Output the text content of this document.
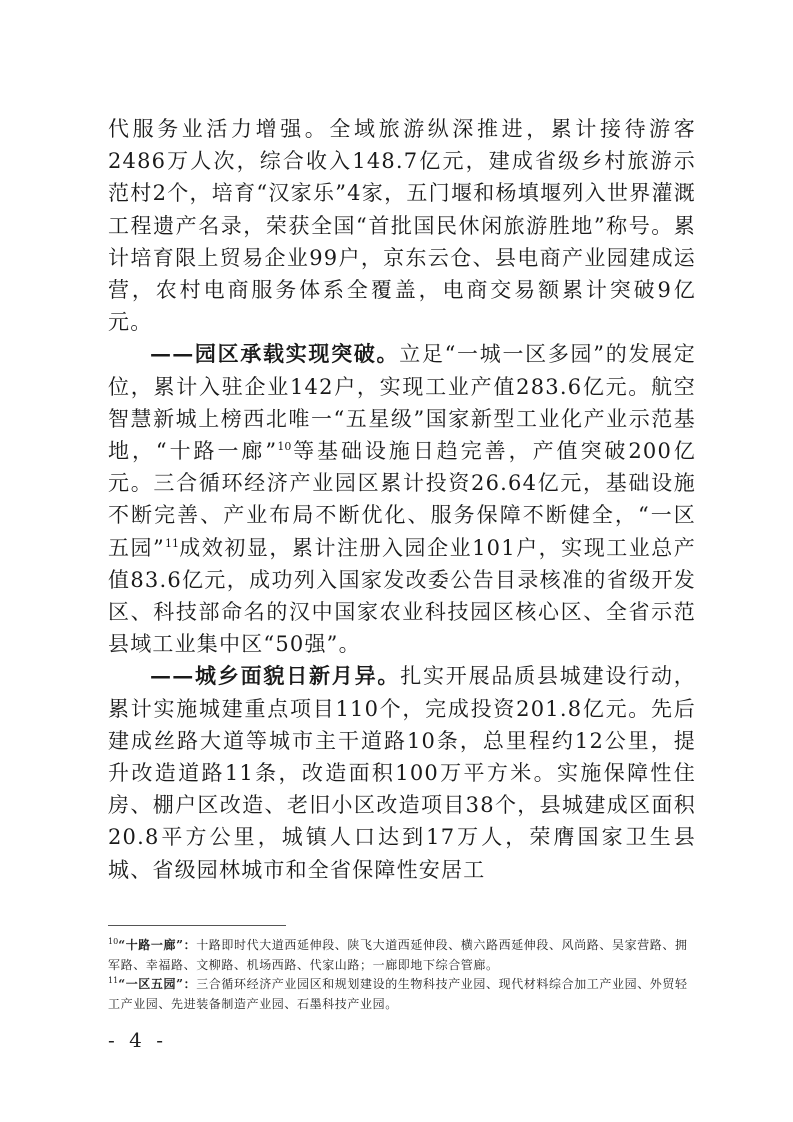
代服务业活力增强。全域旅游纵深推进，累计接待游客2486万人次，综合收入148.7亿元，建成省级乡村旅游示范村2个，培育“汉家乐”4家，五门堰和杨填堰列入世界灌溉工程遗产名录，荣获全国“首批国民休闲旅游胜地”称号。累计培育限上贸易企业99户，京东云仓、县电商产业园建成运营，农村电商服务体系全覆盖，电商交易额累计突破9亿元。

——园区承载实现突破。立足“一城一区多园”的发展定位，累计入驻企业142户，实现工业产值283.6亿元。航空智慧新城上榜西北唯一“五星级”国家新型工业化产业示范基地，“十路一廊”$^{10}$等基础设施日趋完善，产值突破200亿元。三合循环经济产业园区累计投资26.64亿元，基础设施不断完善、产业布局不断优化、服务保障不断健全，“一区五园”$^{11}$成效初显，累计注册入园企业101户，实现工业总产值83.6亿元，成功列入国家发改委公告目录核准的省级开发区、科技部命名的汉中国家农业科技园区核心区、全省示范县域工业集中区“50强”。

——城乡面貌日新月异。扎实开展品质县城建设行动，累计实施城建重点项目110个，完成投资201.8亿元。先后建成丝路大道等城市主干道路10条，总里程约12公里，提升改造道路11条，改造面积100万平方米。实施保障性住房、棚户区改造、老旧小区改造项目38个，县城建成区面积20.8平方公里，城镇人口达到17万人，荣膺国家卫生县城、省级园林城市和全省保障性安居工

$^{10}$“十路一廊”：十路即时代大道西延伸段、陕飞大道西延伸段、横六路西延伸段、风尚路、吴家营路、拥军路、幸福路、文柳路、机场西路、代家山路；一廊即地下综合管廊。

$^{11}$“一区五园”：三合循环经济产业园区和规划建设的生物科技产业园、现代材料综合加工产业园、外贸轻工产业园、先进装备制造产业园、石墨科技产业园。

- 4 -
